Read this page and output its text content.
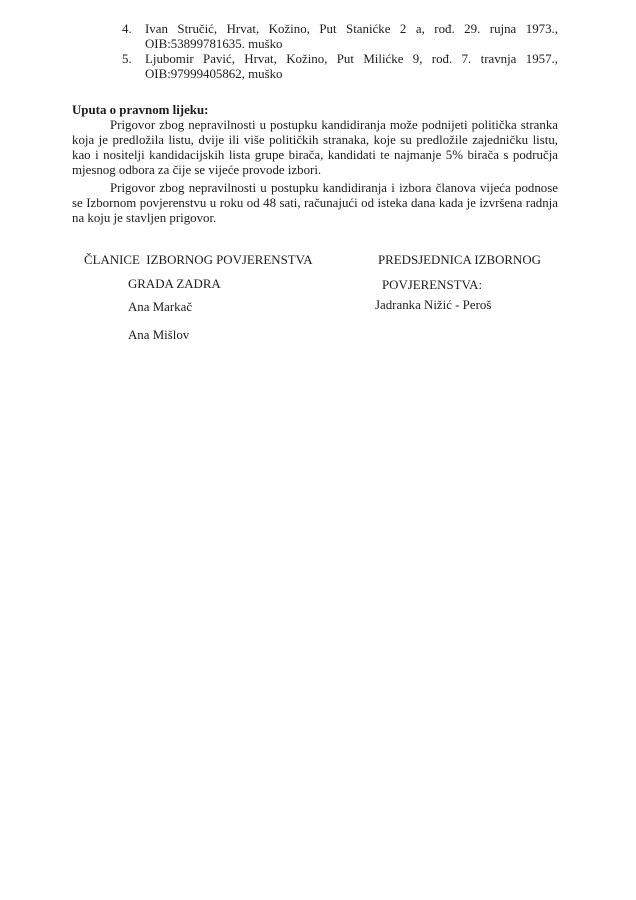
4. Ivan Stručić, Hrvat, Kožino, Put Stanićke 2 a, rođ. 29. rujna 1973., OIB:53899781635. muško
5. Ljubomir Pavić, Hrvat, Kožino, Put Milićke 9, rođ. 7. travnja 1957., OIB:97999405862, muško
Uputa o pravnom lijeku:

Prigovor zbog nepravilnosti u postupku kandidiranja može podnijeti politička stranka koja je predložila listu, dvije ili više političkih stranaka, koje su predložile zajedničku listu, kao i nositelji kandidacijskih lista grupe birača, kandidati te najmanje 5% birača s područja mjesnog odbora za čije se vijeće provode izbori.

Prigovor zbog nepravilnosti u postupku kandidiranja i izbora članova vijeća podnose se Izbornom povjerenstvu u roku od 48 sati, računajući od isteka dana kada je izvršena radnja na koju je stavljen prigovor.

ČLANICE  IZBORNOG POVJERENSTVA
GRADA ZADRA
Ana Markač
Ana Mišlov
PREDSJEDNICA IZBORNOG
POVJERENSTVA:
Jadranka Nižić - Peroš
